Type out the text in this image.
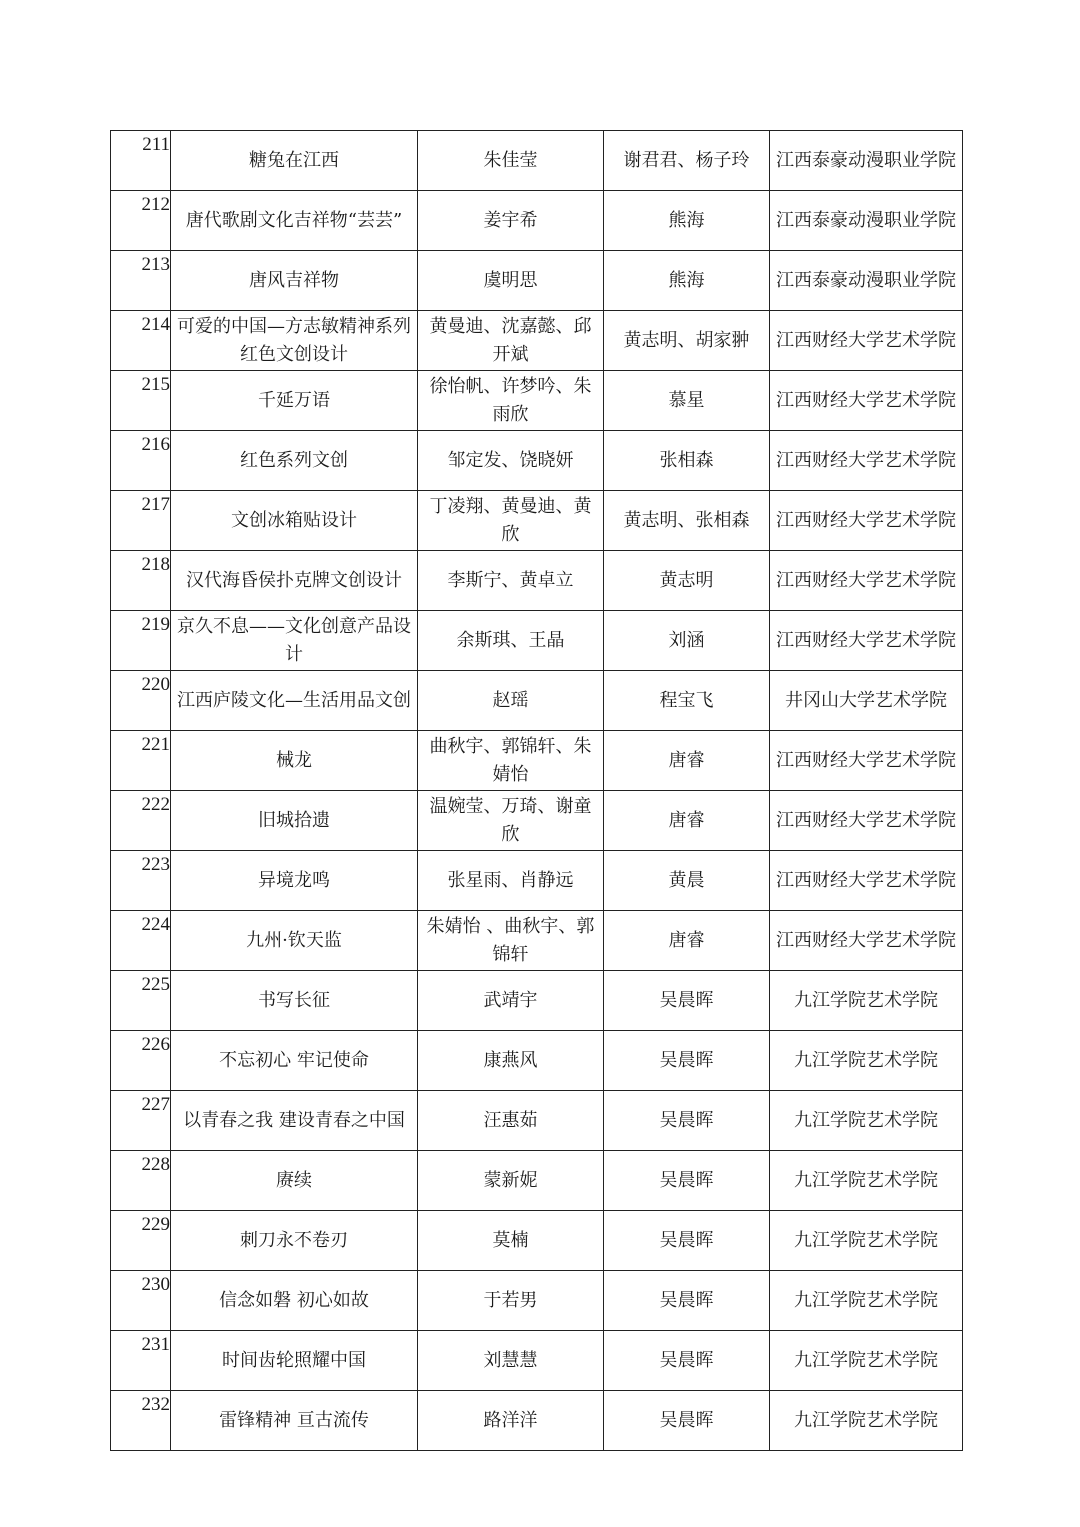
211	糖兔在江西	朱佳莹	谢君君、杨子玲	江西泰豪动漫职业学院
212	唐代歌剧文化吉祥物“芸芸”	姜宇希	熊海	江西泰豪动漫职业学院
213	唐风吉祥物	虞明思	熊海	江西泰豪动漫职业学院
214	可爱的中国—方志敏精神系列红色文创设计	黄曼迪、沈嘉懿、邱开斌	黄志明、胡家翀	江西财经大学艺术学院
215	千延万语	徐怡帆、许梦吟、朱雨欣	慕星	江西财经大学艺术学院
216	红色系列文创	邹定发、饶晓妍	张相森	江西财经大学艺术学院
217	文创冰箱贴设计	丁凌翔、黄曼迪、黄欣	黄志明、张相森	江西财经大学艺术学院
218	汉代海昏侯扑克牌文创设计	李斯宁、黄卓立	黄志明	江西财经大学艺术学院
219	京久不息——文化创意产品设计	余斯琪、王晶	刘涵	江西财经大学艺术学院
220	江西庐陵文化—生活用品文创	赵瑶	程宝飞	井冈山大学艺术学院
221	械龙	曲秋宇、郭锦轩、朱婧怡	唐睿	江西财经大学艺术学院
222	旧城拾遗	温婉莹、万琦、谢童欣	唐睿	江西财经大学艺术学院
223	异境龙鸣	张星雨、肖静远	黄晨	江西财经大学艺术学院
224	九州·钦天监	朱婧怡 、曲秋宇、郭锦轩	唐睿	江西财经大学艺术学院
225	书写长征	武靖宇	吴晨晖	九江学院艺术学院
226	不忘初心 牢记使命	康燕风	吴晨晖	九江学院艺术学院
227	以青春之我 建设青春之中国	汪惠茹	吴晨晖	九江学院艺术学院
228	赓续	蒙新妮	吴晨晖	九江学院艺术学院
229	刺刀永不卷刃	莫楠	吴晨晖	九江学院艺术学院
230	信念如磐 初心如故	于若男	吴晨晖	九江学院艺术学院
231	时间齿轮照耀中国	刘慧慧	吴晨晖	九江学院艺术学院
232	雷锋精神 亘古流传	路洋洋	吴晨晖	九江学院艺术学院
